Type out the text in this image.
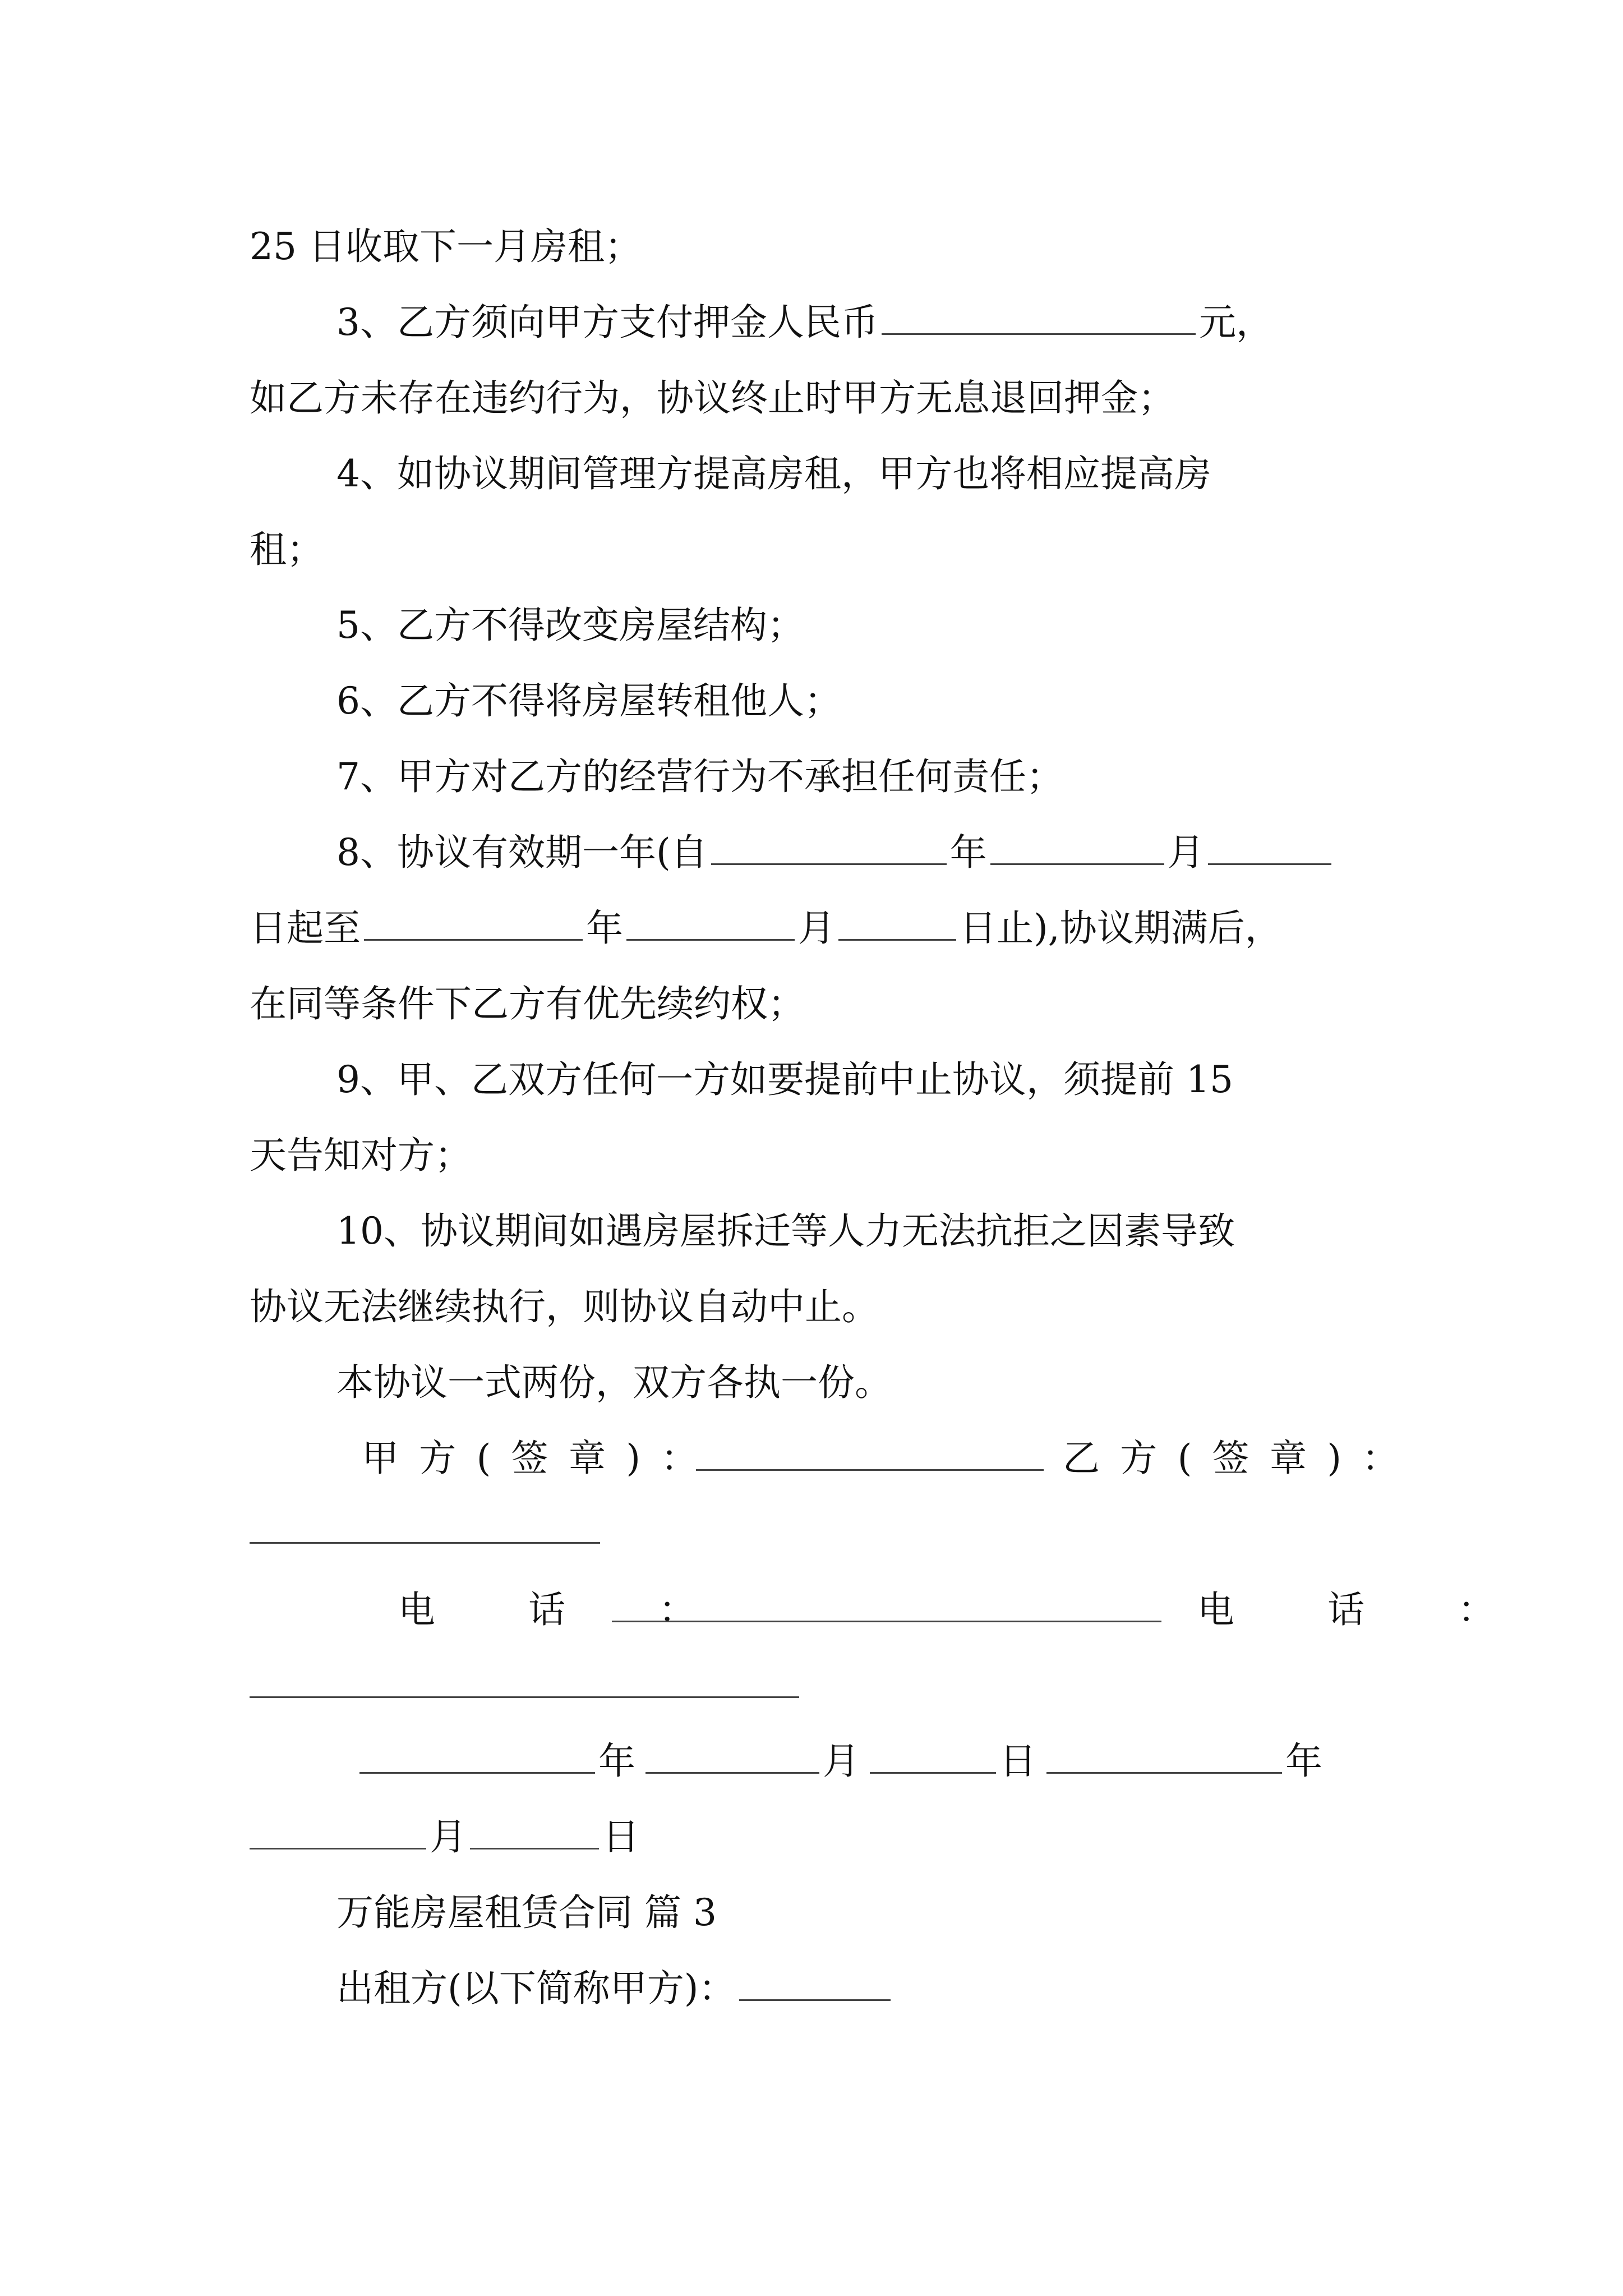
25 日收取下一月房租；
3、乙方须向甲方支付押金人民币	元，
如乙方未存在违约行为，协议终止时甲方无息退回押金；
4、如协议期间管理方提高房租，甲方也将相应提高房
租；
5、乙方不得改变房屋结构；
6、乙方不得将房屋转租他人；
7、甲方对乙方的经营行为不承担任何责任；
8、协议有效期一年(自	年	月
日起至	年	月	日止),协议期满后，
在同等条件下乙方有优先续约权；
9、甲、乙双方任何一方如要提前中止协议，须提前 15
天告知对方；
10、协议期间如遇房屋拆迁等人力无法抗拒之因素导致
协议无法继续执行，则协议自动中止。
本协议一式两份，双方各执一份。
甲方(签章)：	乙方(签章)：
电 话 ：	电 话 ：
年	月	日	年
月	日
万能房屋租赁合同 篇 3
出租方(以下简称甲方)：
